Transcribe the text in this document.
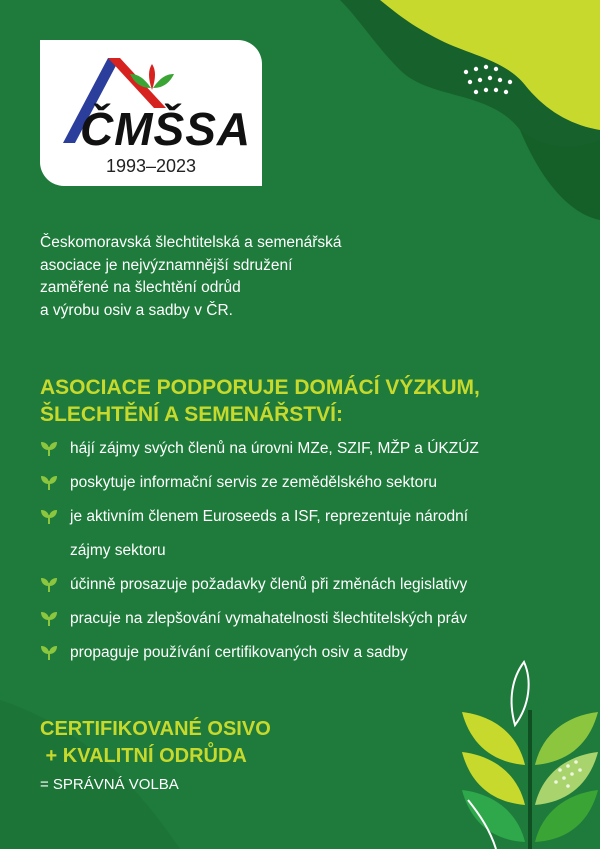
ČMŠSA
1993–2023
Českomoravská šlechtitelská a semenářská
asociace je nejvýznamnější sdružení
zaměřené na šlechtění odrůd
a výrobu osiv a sadby v ČR.
ASOCIACE PODPORUJE DOMÁCÍ VÝZKUM,
ŠLECHTĚNÍ A SEMENÁŘSTVÍ:
hájí zájmy svých členů na úrovni MZe, SZIF, MŽP a ÚKZÚZ
poskytuje informační servis ze zemědělského sektoru
je aktivním členem Euroseeds a ISF, reprezentuje národní
zájmy sektoru
účinně prosazuje požadavky členů při změnách legislativy
pracuje na zlepšování vymahatelnosti šlechtitelských práv
propaguje používání certifikovaných osiv a sadby
CERTIFIKOVANÉ OSIVO
+ KVALITNÍ ODRŮDA
= SPRÁVNÁ VOLBA
